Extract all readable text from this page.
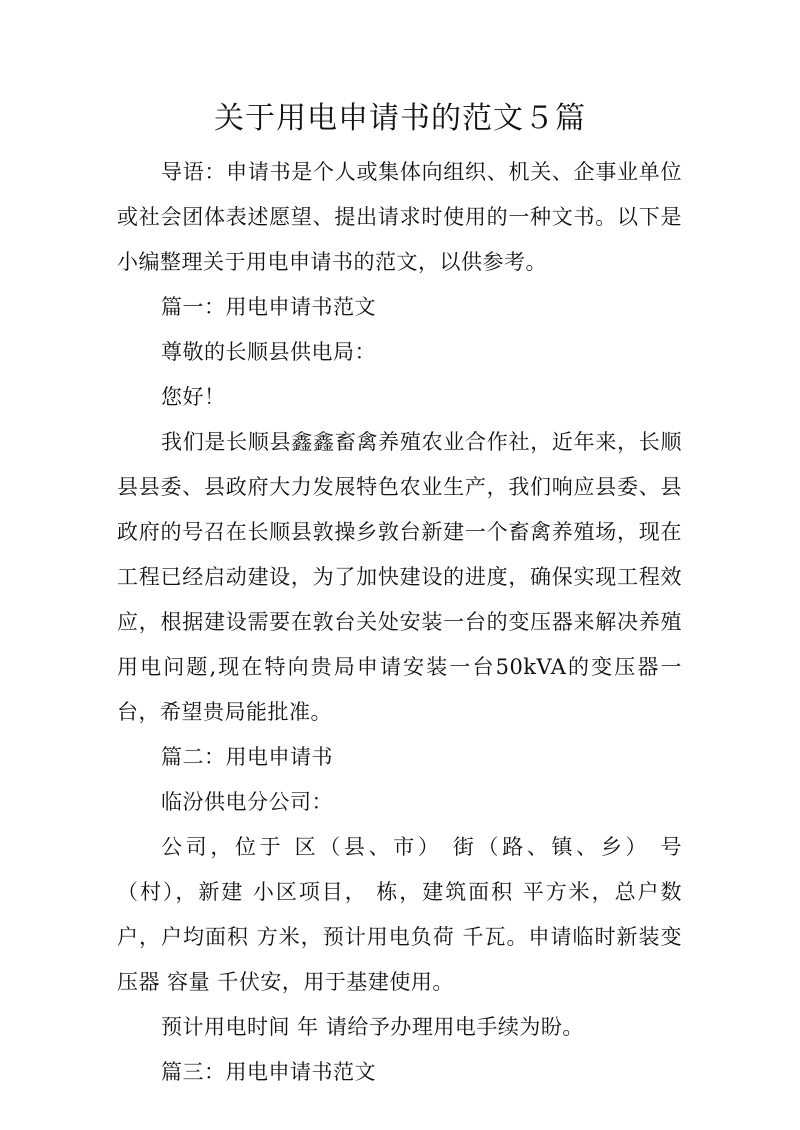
关于用电申请书的范文５篇

导语：申请书是个人或集体向组织、机关、企事业单位或社会团体表述愿望、提出请求时使用的一种文书。以下是小编整理关于用电申请书的范文，以供参考。

篇一：用电申请书范文

尊敬的长顺县供电局：

您好！

我们是长顺县鑫鑫畜禽养殖农业合作社，近年来，长顺县县委、县政府大力发展特色农业生产，我们响应县委、县政府的号召在长顺县敦操乡敦台新建一个畜禽养殖场，现在工程已经启动建设，为了加快建设的进度，确保实现工程效应，根据建设需要在敦台关处安装一台的变压器来解决养殖用电问题,现在特向贵局申请安装一台50kVA的变压器一台，希望贵局能批准。

篇二：用电申请书

临汾供电分公司：

公司，位于 区（县、市） 街（路、镇、乡） 号（村），新建 小区项目， 栋，建筑面积 平方米，总户数 户，户均面积 方米，预计用电负荷 千瓦。申请临时新装变压器 容量 千伏安，用于基建使用。

预计用电时间 年 请给予办理用电手续为盼。

篇三：用电申请书范文
